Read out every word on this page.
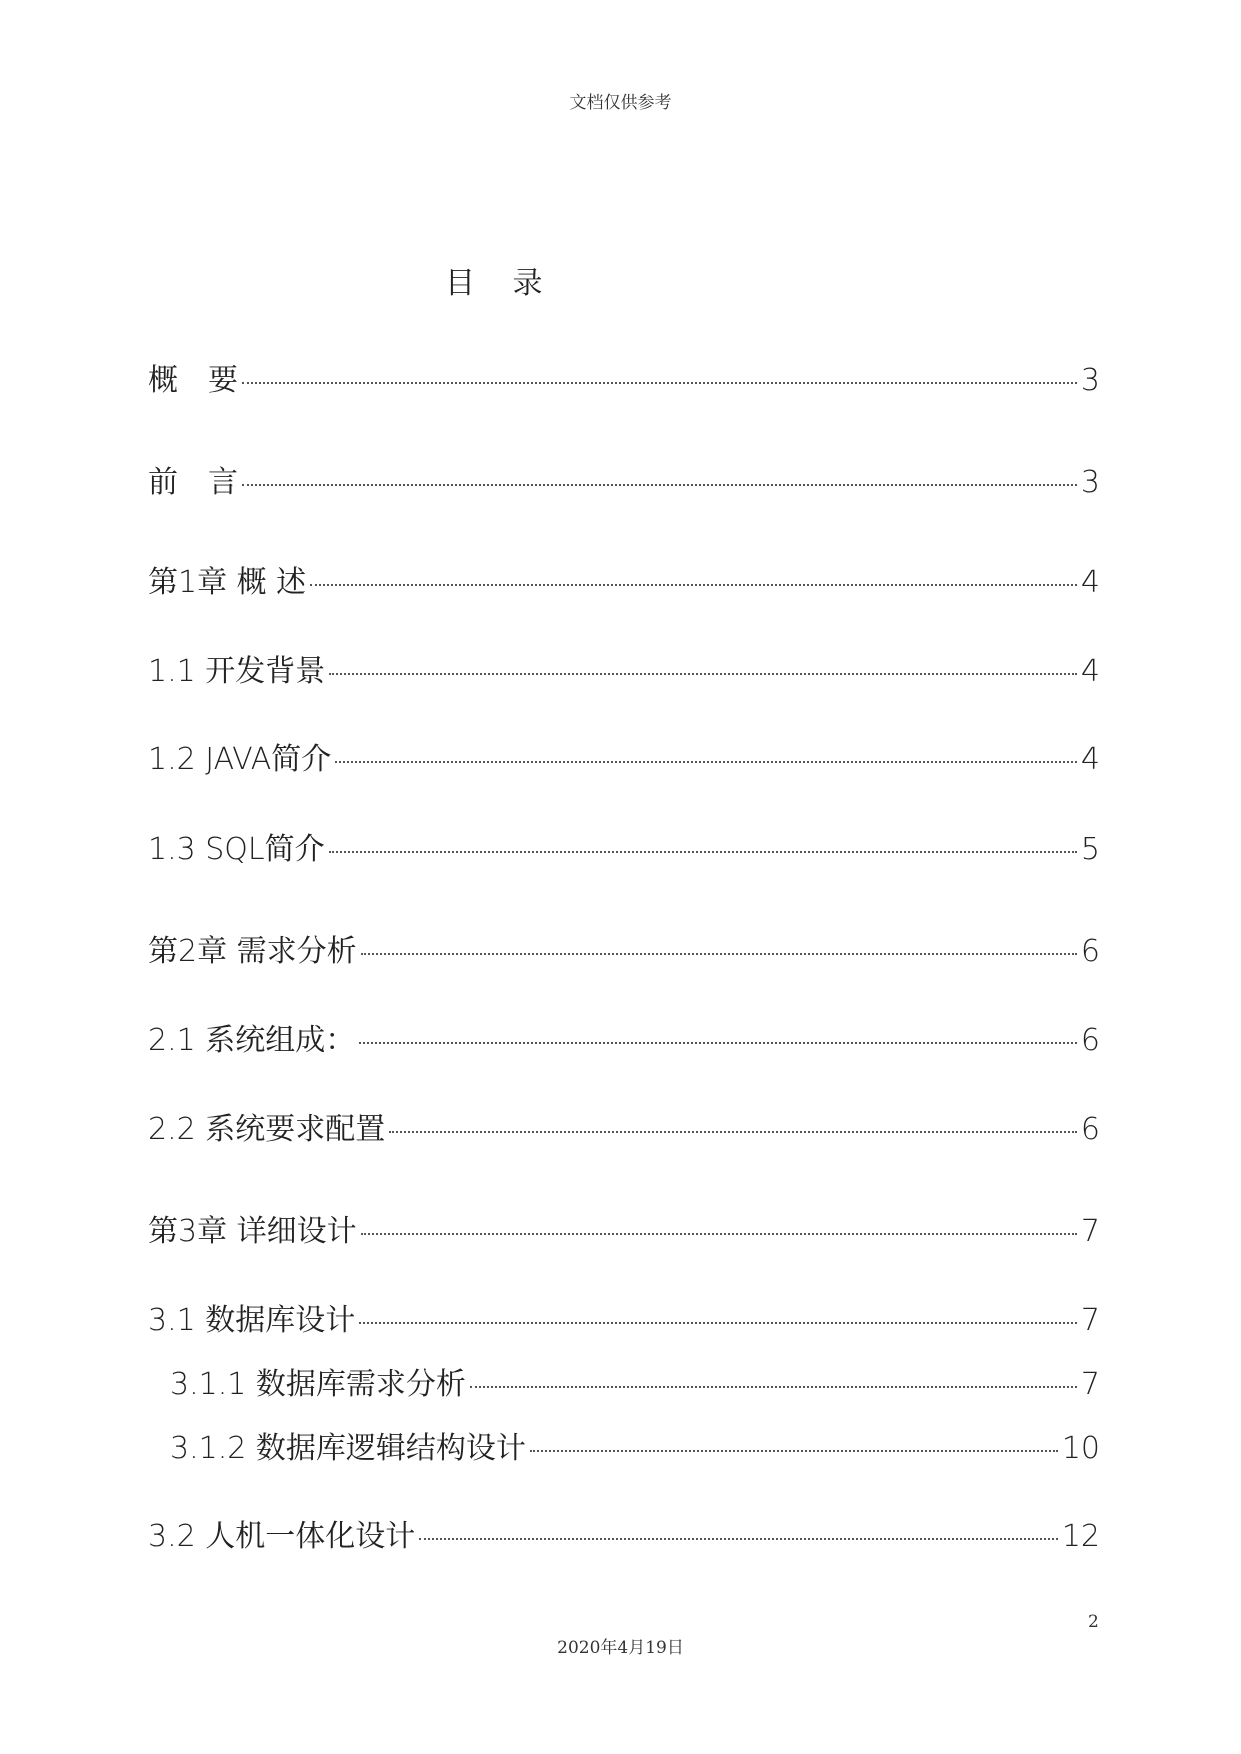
文档仅供参考
目 录
概　要	3
前　言	3
第1章 概 述	4
1.1 开发背景	4
1.2 JAVA简介	4
1.3 SQL简介	5
第2章 需求分析	6
2.1 系统组成：	6
2.2 系统要求配置	6
第3章 详细设计	7
3.1 数据库设计	7
3.1.1 数据库需求分析	7
3.1.2 数据库逻辑结构设计	10
3.2 人机一体化设计	12
2
2020年4月19日
